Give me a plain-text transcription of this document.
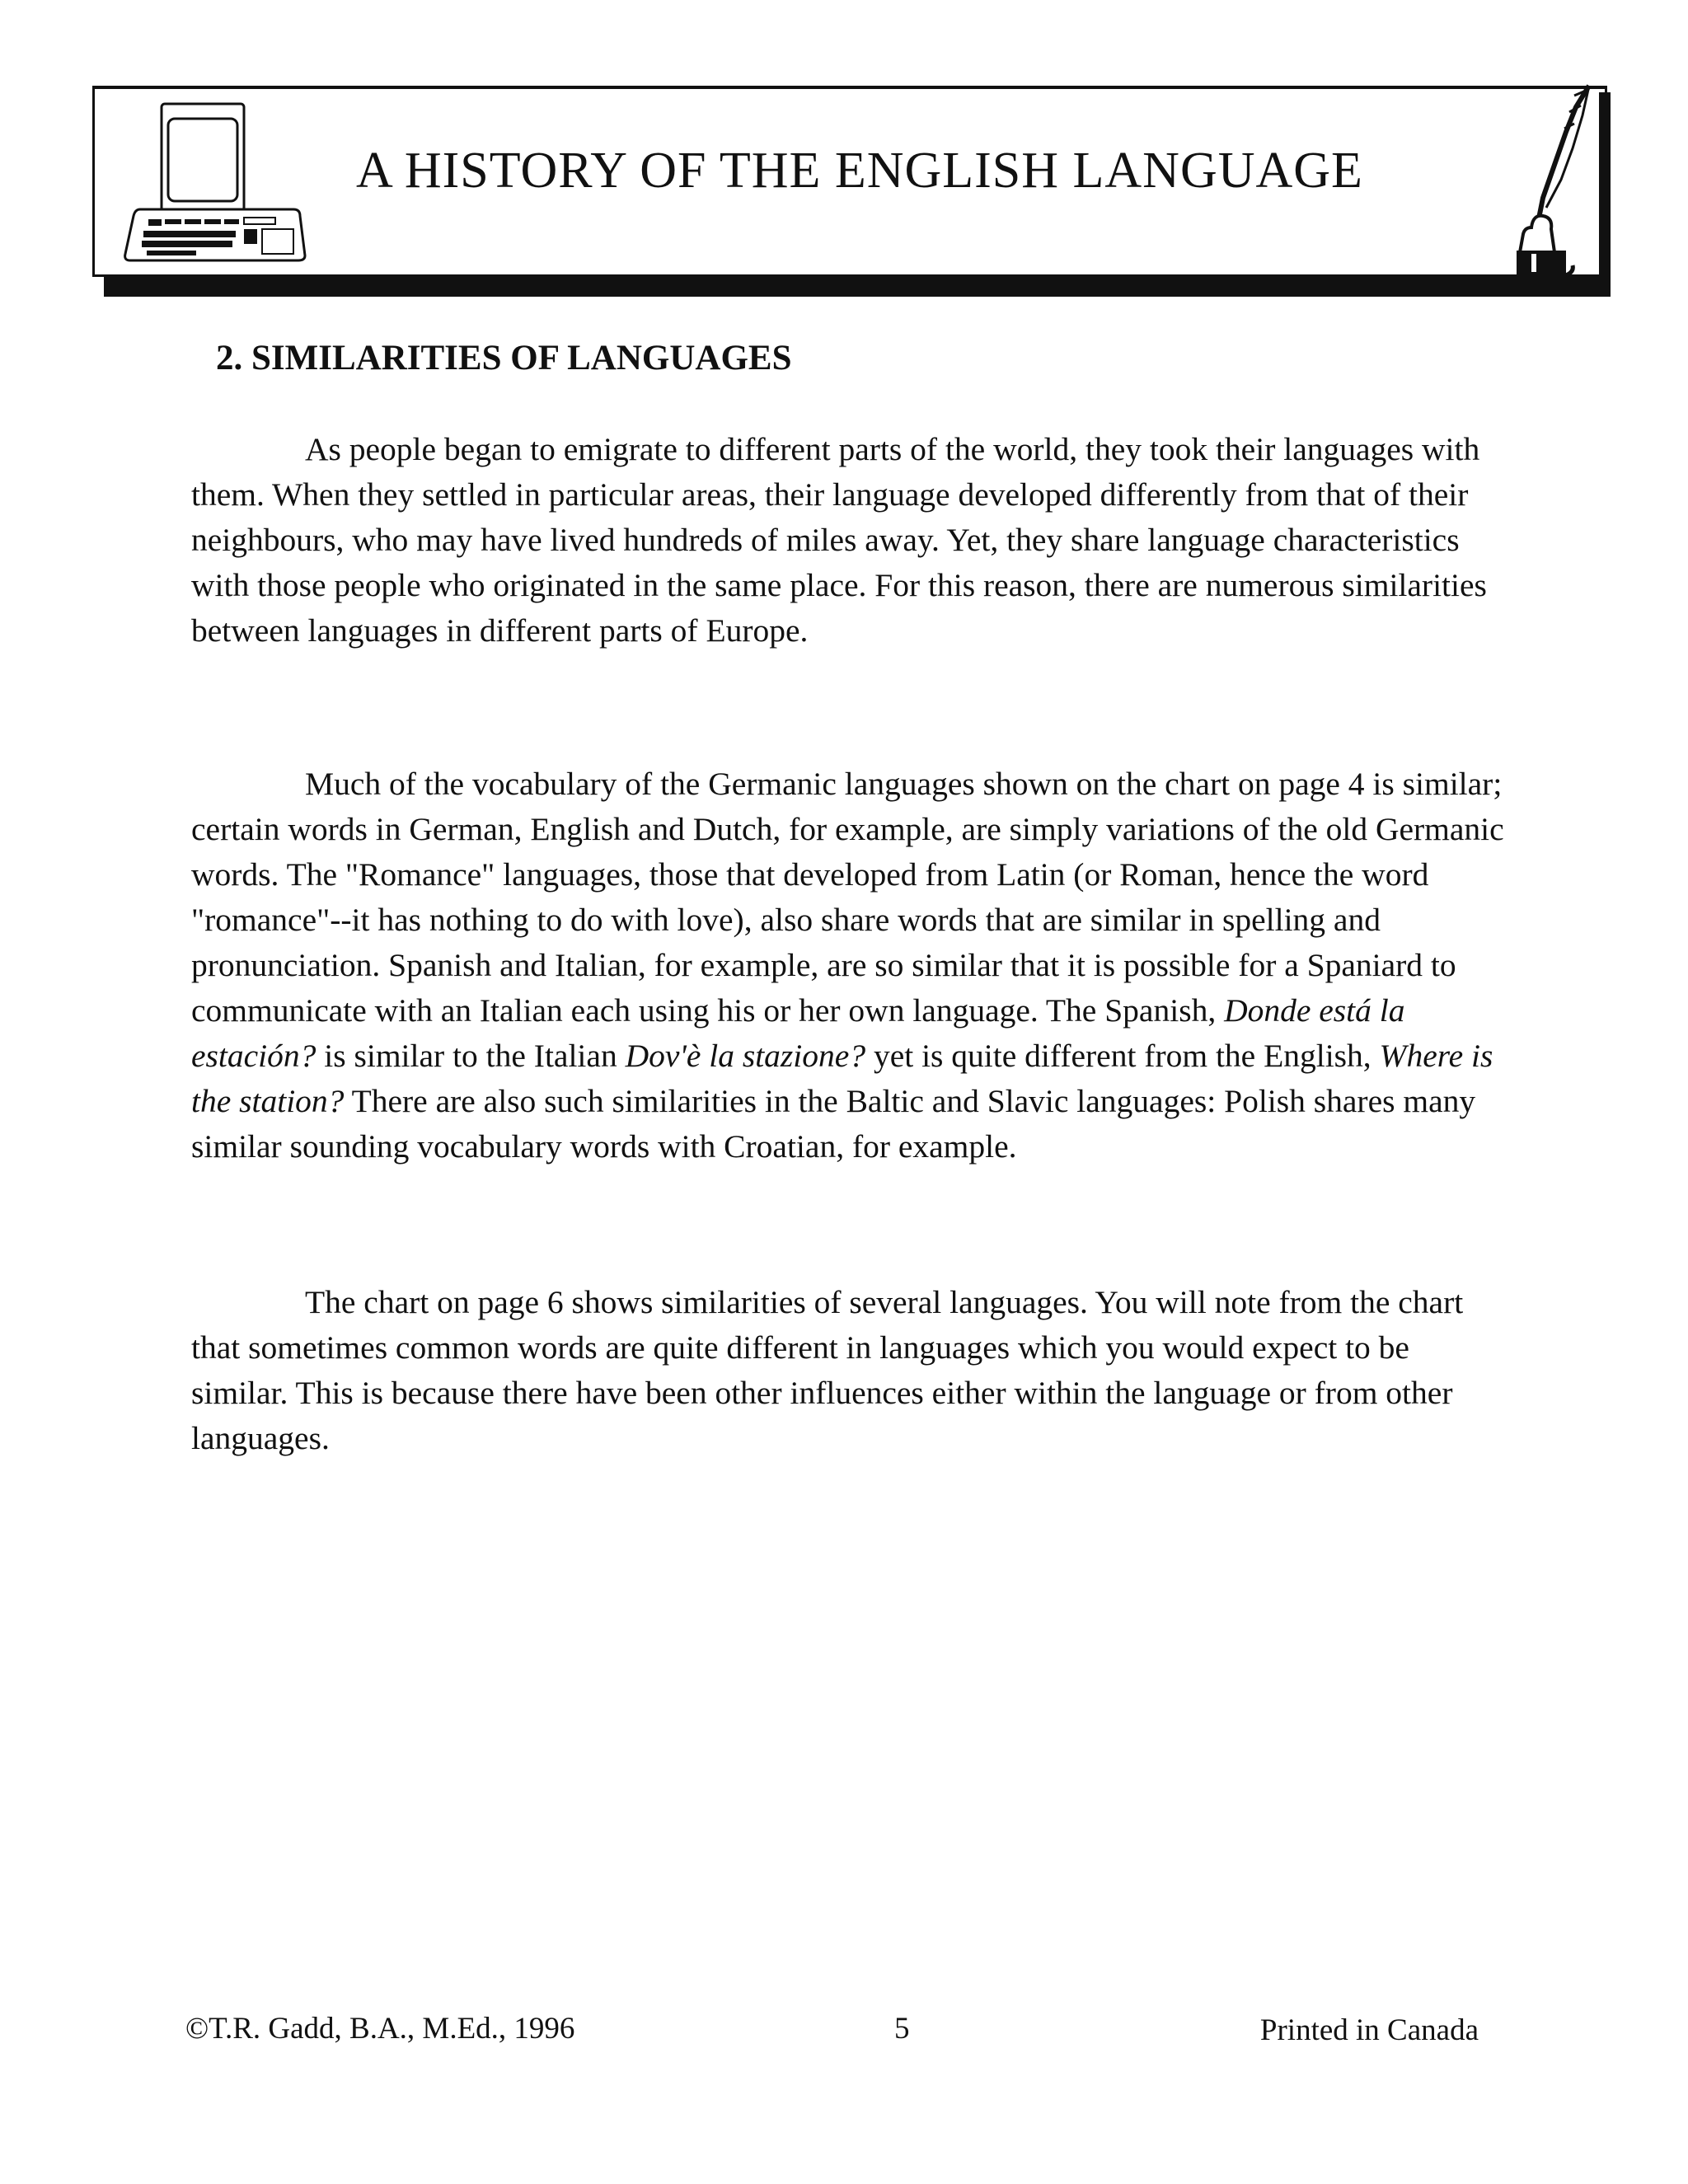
A HISTORY OF THE ENGLISH LANGUAGE
2. SIMILARITIES OF LANGUAGES

As people began to emigrate to different parts of the world, they took their languages with them. When they settled in particular areas, their language developed differently from that of their neighbours, who may have lived hundreds of miles away. Yet, they share language characteristics with those people who originated in the same place. For this reason, there are numerous similarities between languages in different parts of Europe.

Much of the vocabulary of the Germanic languages shown on the chart on page 4 is similar; certain words in German, English and Dutch, for example, are simply variations of the old Germanic words. The "Romance" languages, those that developed from Latin (or Roman, hence the word "romance"--it has nothing to do with love), also share words that are similar in spelling and pronunciation. Spanish and Italian, for example, are so similar that it is possible for a Spaniard to communicate with an Italian each using his or her own language. The Spanish, Donde está la estación? is similar to the Italian Dov'è la stazione? yet is quite different from the English, Where is the station? There are also such similarities in the Baltic and Slavic languages: Polish shares many similar sounding vocabulary words with Croatian, for example.

The chart on page 6 shows similarities of several languages. You will note from the chart that sometimes common words are quite different in languages which you would expect to be similar. This is because there have been other influences either within the language or from other languages.

©T.R. Gadd, B.A., M.Ed., 1996	5	Printed in Canada
